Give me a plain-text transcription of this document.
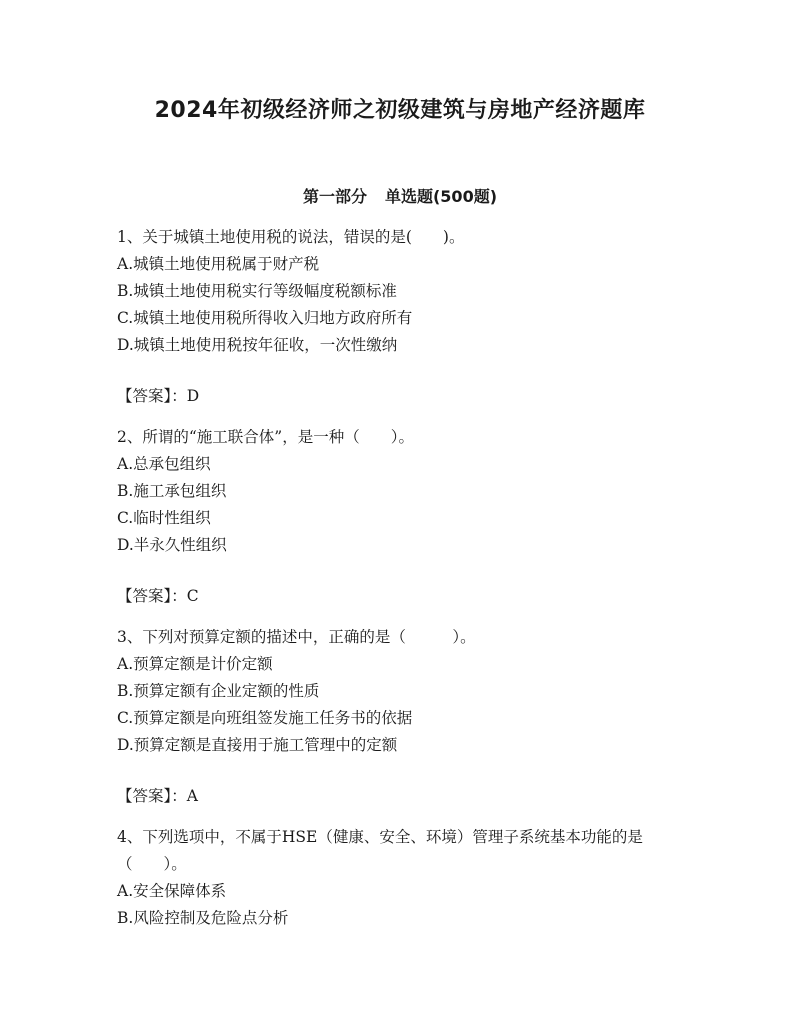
2024年初级经济师之初级建筑与房地产经济题库
第一部分 单选题(500题)
1、关于城镇土地使用税的说法，错误的是(　　)。
A.城镇土地使用税属于财产税
B.城镇土地使用税实行等级幅度税额标准
C.城镇土地使用税所得收入归地方政府所有
D.城镇土地使用税按年征收，一次性缴纳
【答案】：D
2、所谓的“施工联合体”，是一种（　　）。
A.总承包组织
B.施工承包组织
C.临时性组织
D.半永久性组织
【答案】：C
3、下列对预算定额的描述中，正确的是（　　　）。
A.预算定额是计价定额
B.预算定额有企业定额的性质
C.预算定额是向班组签发施工任务书的依据
D.预算定额是直接用于施工管理中的定额
【答案】：A
4、下列选项中，不属于HSE（健康、安全、环境）管理子系统基本功能的是（　　）。
A.安全保障体系
B.风险控制及危险点分析
